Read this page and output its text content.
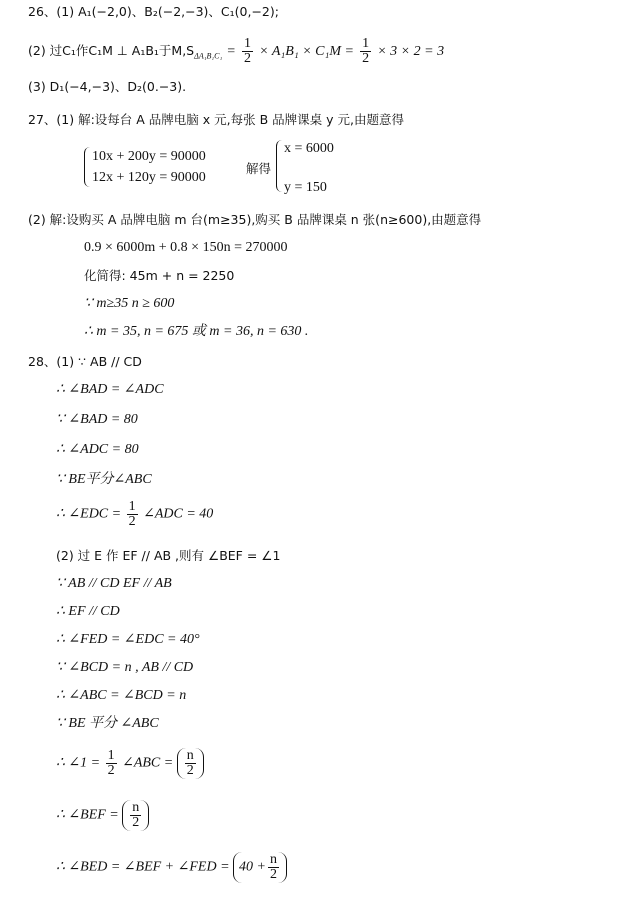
26、(1) A₁(−2,0)、B₂(−2,−3)、C₁(0,−2);
(2) 过C₁作C₁M ⊥ A₁B₁于$M,S_{\Delta A_1B_1C_1} = \frac{1}{2} \times A_1B_1 \times C_1M = \frac{1}{2} \times 3 \times 2 = 3$
(3) D₁(−4,−3)、D₂(0.−3).
27、(1) 解:设每台 A 品牌电脑 x 元,每张 B 品牌课桌 y 元,由题意得
10x + 200y = 90000
12x + 120y = 90000
解得
x = 6000
y = 150
(2) 解:设购买 A 品牌电脑 m 台(m≥35),购买 B 品牌课桌 n 张(n≥600),由题意得
0.9 × 6000m + 0.8 × 150n = 270000
化简得: 45m + n = 2250
∵ m≥35 n ≥ 600
∴ m = 35, n = 675 或 m = 36, n = 630 .
28、(1) ∵ AB // CD
∴ ∠BAD = ∠ADC
∵ ∠BAD = 80
∴ ∠ADC = 80
∵ BE平分∠ABC
∴ ∠EDC = $\frac{1}{2}$ ∠ADC = 40
(2) 过 E 作 EF // AB ,则有 ∠BEF = ∠1
∵ AB // CD EF // AB
∴ EF // CD
∴ ∠FED = ∠EDC = 40°
∵ ∠BCD = n , AB // CD
∴ ∠ABC = ∠BCD = n
∵ BE 平分 ∠ABC
∴ ∠1 = $\frac{1}{2}$ ∠ABC = $\frac{n}{2}$
∴ ∠BEF = $\frac{n}{2}$
∴ ∠BED = ∠BEF + ∠FED = $40 + \frac{n}{2}$
